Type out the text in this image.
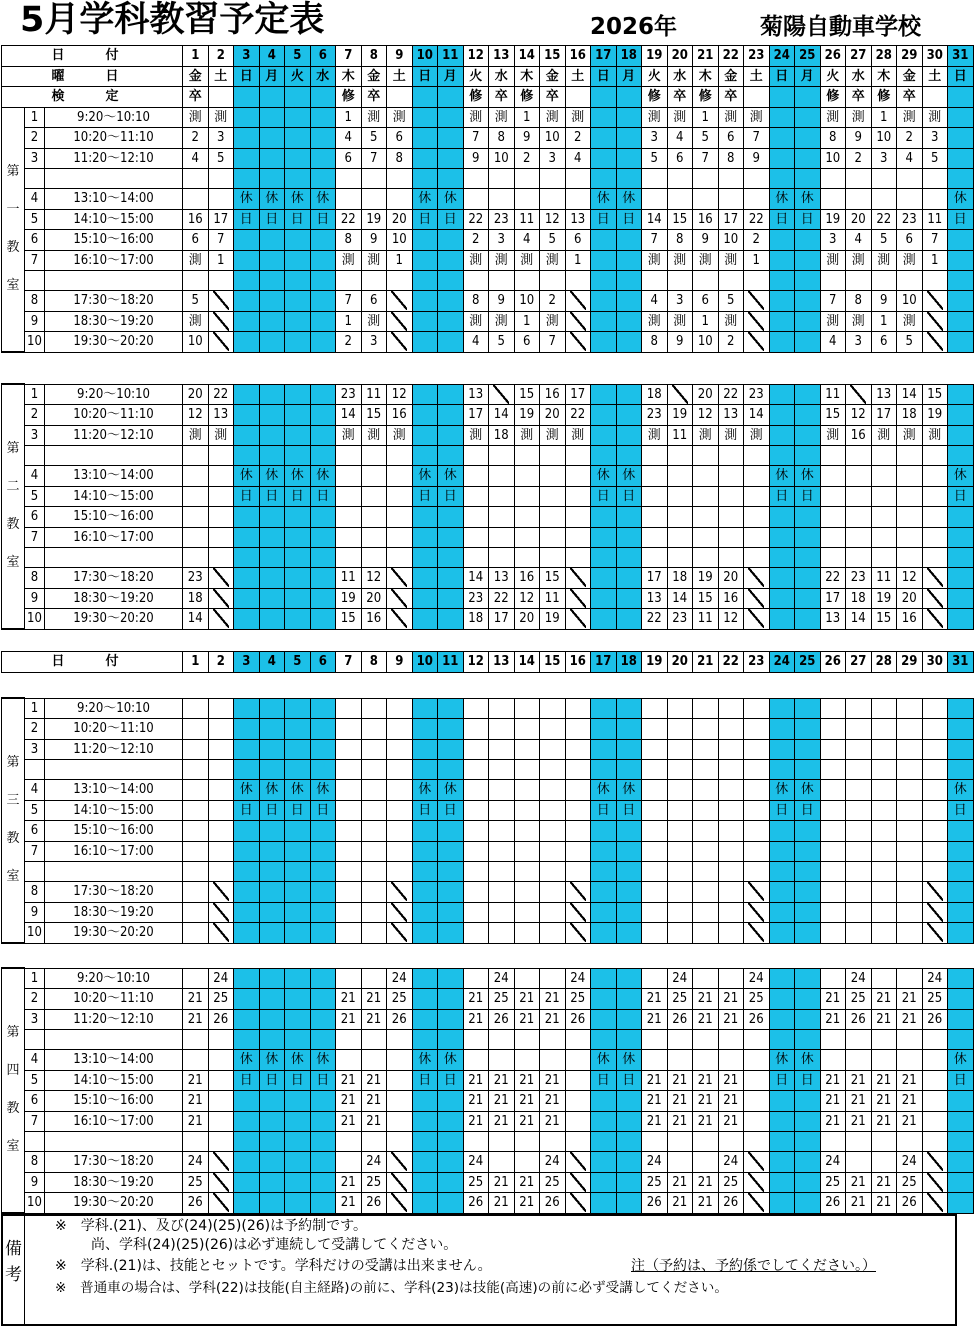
5月学科教習予定表	2026年	菊陽自動車学校
日　付			1	2	3	4	5	6	7	8	9	10	11	12	13	14	15	16	17	18	19	20	21	22	23	24	25	26	27	28	29	30	31
曜　日			金	土	日	月	火	水	木	金	土	日	月	火	水	木	金	土	日	月	火	水	木	金	土	日	月	火	水	木	金	土	日
検　定			卒						修	卒				修	卒	修	卒				修	卒	修	卒				修	卒	修	卒		
第一教室	1	9:20～10:10	測	測					1	測	測			測	測	1	測	測			測	測	1	測	測			測	測	1	測	測	
	2	10:20～11:10	2	3					4	5	6			7	8	9	10	2			3	4	5	6	7			8	9	10	2	3	
	3	11:20～12:10	4	5					6	7	8			9	10	2	3	4			5	6	7	8	9			10	2	3	4	5	

	4	13:10～14:00			休	休	休	休				休	休						休	休						休	休						休
	5	14:10～15:00	16	17	日	日	日	日	22	19	20	日	日	22	23	11	12	13	日	日	14	15	16	17	22	日	日	19	20	22	23	11	日
	6	15:10～16:00	6	7					8	9	10			2	3	4	5	6			7	8	9	10	2			3	4	5	6	7	
	7	16:10～17:00	測	1					測	測	1			測	測	測	測	1			測	測	測	測	1			測	測	測	測	1	

	8	17:30～18:20	5						7	6				8	9	10	2				4	3	6	5				7	8	9	10		
	9	18:30～19:20	測						1	測				測	測	1	測				測	測	1	測				測	測	1	測		
	10	19:30～20:20	10						2	3				4	5	6	7				8	9	10	2				4	3	6	5		
第二教室	1	9:20～10:10	20	22					23	11	12			13		15	16	17			18		20	22	23			11		13	14	15	
	2	10:20～11:10	12	13					14	15	16			17	14	19	20	22			23	19	12	13	14			15	12	17	18	19	
	3	11:20～12:10	測	測					測	測	測			測	18	測	測	測			測	11	測	測	測			測	16	測	測	測	

	4	13:10～14:00			休	休	休	休				休	休						休	休						休	休						休
	5	14:10～15:00			日	日	日	日				日	日						日	日						日	日						日
	6	15:10～16:00																															
	7	16:10～17:00																															

	8	17:30～18:20	23						11	12				14	13	16	15				17	18	19	20				22	23	11	12		
	9	18:30～19:20	18						19	20				23	22	12	11				13	14	15	16				17	18	19	20		
	10	19:30～20:20	14						15	16				18	17	20	19				22	23	11	12				13	14	15	16		
日　付	1	2	3	4	5	6	7	8	9	10	11	12	13	14	15	16	17	18	19	20	21	22	23	24	25	26	27	28	29	30	31
第三教室	1	9:20～10:10																															
	2	10:20～11:10																															
	3	11:20～12:10																															

	4	13:10～14:00			休	休	休	休				休	休						休	休						休	休						休
	5	14:10～15:00			日	日	日	日				日	日						日	日						日	日						日
	6	15:10～16:00																															
	7	16:10～17:00																															

	8	17:30～18:20																															
	9	18:30～19:20																															
	10	19:30～20:20																															
第四教室	1	9:20～10:10		24							24				24			24				24			24				24			24	
	2	10:20～11:10	21	25					21	21	25			21	25	21	21	25			21	25	21	21	25			21	25	21	21	25	
	3	11:20～12:10	21	26					21	21	26			21	26	21	21	26			21	26	21	21	26			21	26	21	21	26	

	4	13:10～14:00			休	休	休	休				休	休						休	休						休	休						休
	5	14:10～15:00	21		日	日	日	日	21	21		日	日	21	21	21	21		日	日	21	21	21	21		日	日	21	21	21	21		日
	6	15:10～16:00	21						21	21				21	21	21	21				21	21	21	21				21	21	21	21		
	7	16:10～17:00	21						21	21				21	21	21	21				21	21	21	21				21	21	21	21		

	8	17:30～18:20	24							24				24			24				24			24				24			24		
	9	18:30～19:20	25						21	25				25	21	21	25				25	21	21	25				25	21	21	25		
	10	19:30～20:20	26						21	26				26	21	21	26				26	21	21	26				26	21	21	26		
備考
※　学科.(21)、及び(24)(25)(26)は予約制です。
尚、学科(24)(25)(26)は必ず連続して受講してください。
※　学科.(21)は、技能とセットです。学科だけの受講は出来ません。	注（予約は、予約係でしてください。）
※　普通車の場合は、学科(22)は技能(自主経路)の前に、学科(23)は技能(高速)の前に必ず受講してください。
